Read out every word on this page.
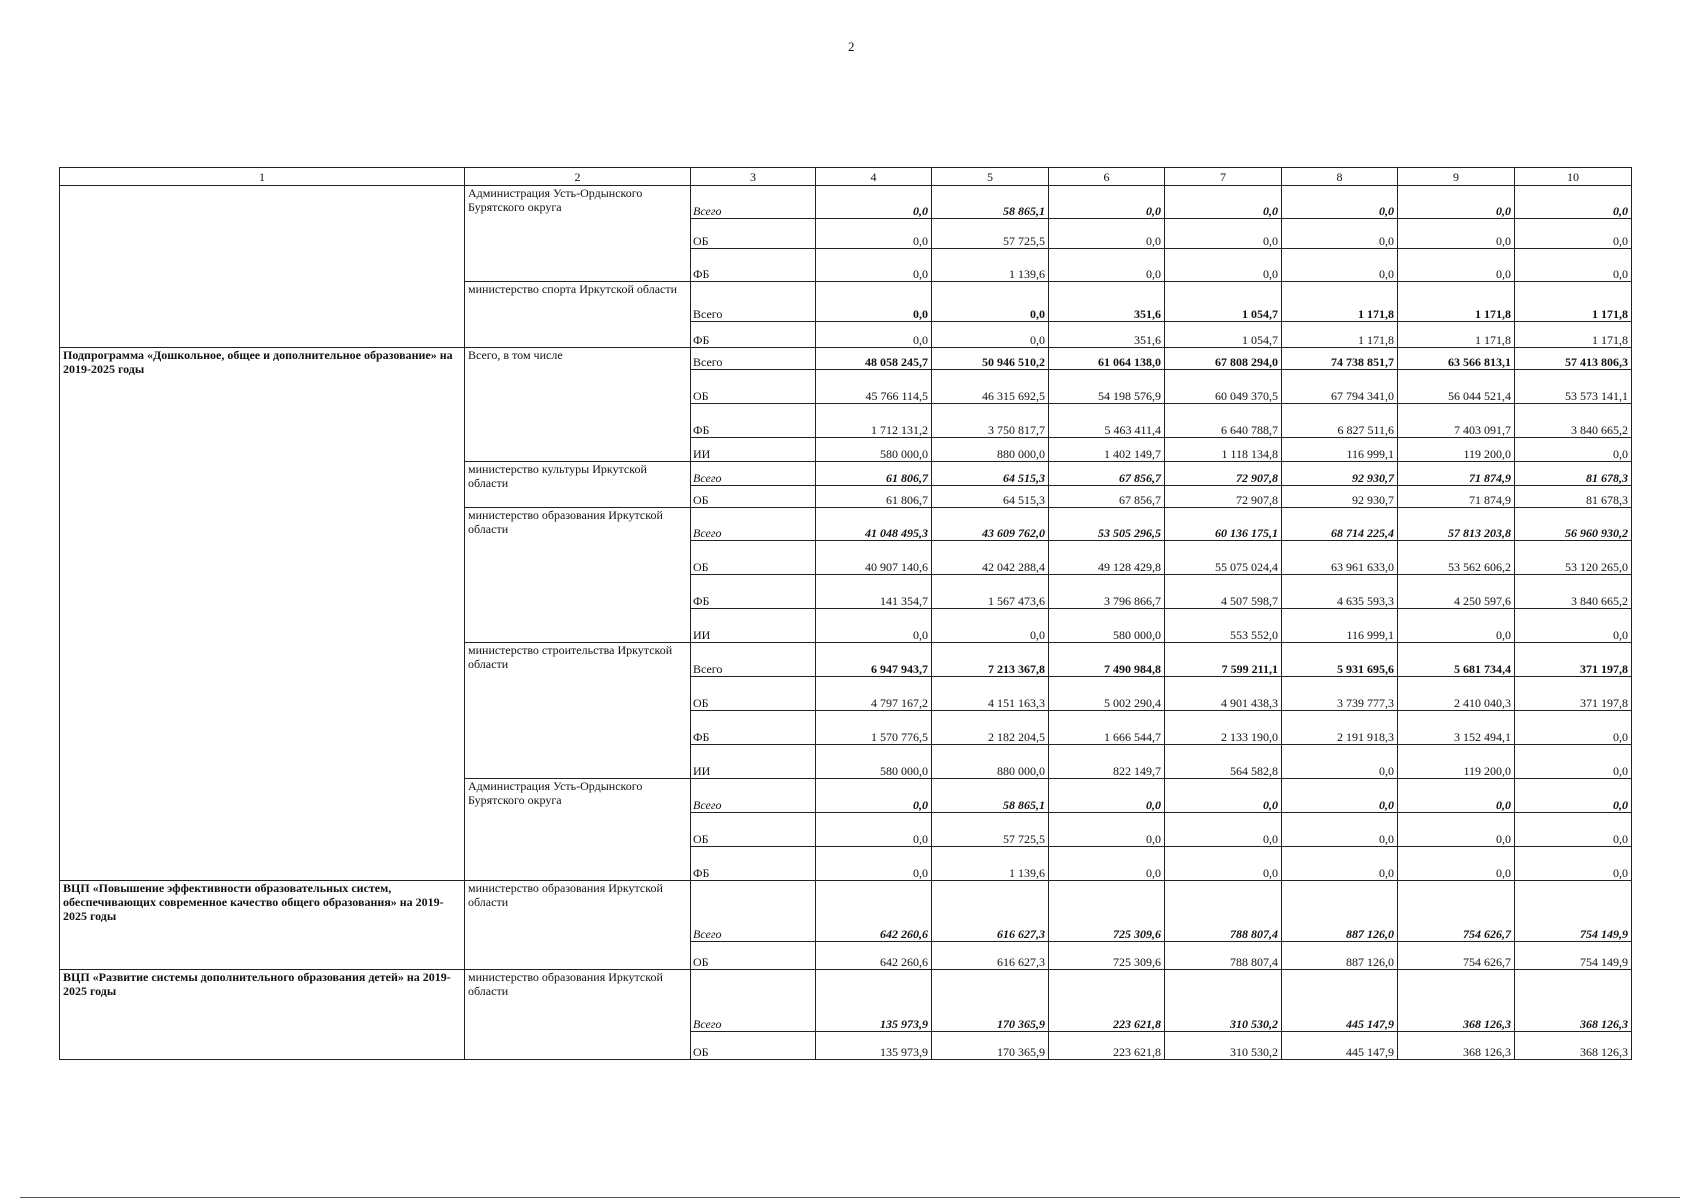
2
1	2	3	4	5	6	7	8	9	10
	Администрация Усть-Ордынского Бурятского округа	Всего	0,0	58 865,1	0,0	0,0	0,0	0,0	0,0
		ОБ	0,0	57 725,5	0,0	0,0	0,0	0,0	0,0
		ФБ	0,0	1 139,6	0,0	0,0	0,0	0,0	0,0
	министерство спорта Иркутской области	Всего	0,0	0,0	351,6	1 054,7	1 171,8	1 171,8	1 171,8
		ФБ	0,0	0,0	351,6	1 054,7	1 171,8	1 171,8	1 171,8
Подпрограмма «Дошкольное, общее и дополнительное образование» на 2019-2025 годы	Всего, в том числе	Всего	48 058 245,7	50 946 510,2	61 064 138,0	67 808 294,0	74 738 851,7	63 566 813,1	57 413 806,3
		ОБ	45 766 114,5	46 315 692,5	54 198 576,9	60 049 370,5	67 794 341,0	56 044 521,4	53 573 141,1
		ФБ	1 712 131,2	3 750 817,7	5 463 411,4	6 640 788,7	6 827 511,6	7 403 091,7	3 840 665,2
		ИИ	580 000,0	880 000,0	1 402 149,7	1 118 134,8	116 999,1	119 200,0	0,0
	министерство культуры Иркутской области	Всего	61 806,7	64 515,3	67 856,7	72 907,8	92 930,7	71 874,9	81 678,3
		ОБ	61 806,7	64 515,3	67 856,7	72 907,8	92 930,7	71 874,9	81 678,3
	министерство образования Иркутской области	Всего	41 048 495,3	43 609 762,0	53 505 296,5	60 136 175,1	68 714 225,4	57 813 203,8	56 960 930,2
		ОБ	40 907 140,6	42 042 288,4	49 128 429,8	55 075 024,4	63 961 633,0	53 562 606,2	53 120 265,0
		ФБ	141 354,7	1 567 473,6	3 796 866,7	4 507 598,7	4 635 593,3	4 250 597,6	3 840 665,2
		ИИ	0,0	0,0	580 000,0	553 552,0	116 999,1	0,0	0,0
	министерство строительства Иркутской области	Всего	6 947 943,7	7 213 367,8	7 490 984,8	7 599 211,1	5 931 695,6	5 681 734,4	371 197,8
		ОБ	4 797 167,2	4 151 163,3	5 002 290,4	4 901 438,3	3 739 777,3	2 410 040,3	371 197,8
		ФБ	1 570 776,5	2 182 204,5	1 666 544,7	2 133 190,0	2 191 918,3	3 152 494,1	0,0
		ИИ	580 000,0	880 000,0	822 149,7	564 582,8	0,0	119 200,0	0,0
	Администрация Усть-Ордынского Бурятского округа	Всего	0,0	58 865,1	0,0	0,0	0,0	0,0	0,0
		ОБ	0,0	57 725,5	0,0	0,0	0,0	0,0	0,0
		ФБ	0,0	1 139,6	0,0	0,0	0,0	0,0	0,0
ВЦП «Повышение эффективности образовательных систем, обеспечивающих современное качество общего образования» на 2019-2025 годы	министерство образования Иркутской области	Всего	642 260,6	616 627,3	725 309,6	788 807,4	887 126,0	754 626,7	754 149,9
		ОБ	642 260,6	616 627,3	725 309,6	788 807,4	887 126,0	754 626,7	754 149,9
ВЦП «Развитие системы дополнительного образования детей» на 2019-2025 годы	министерство образования Иркутской области	Всего	135 973,9	170 365,9	223 621,8	310 530,2	445 147,9	368 126,3	368 126,3
		ОБ	135 973,9	170 365,9	223 621,8	310 530,2	445 147,9	368 126,3	368 126,3
